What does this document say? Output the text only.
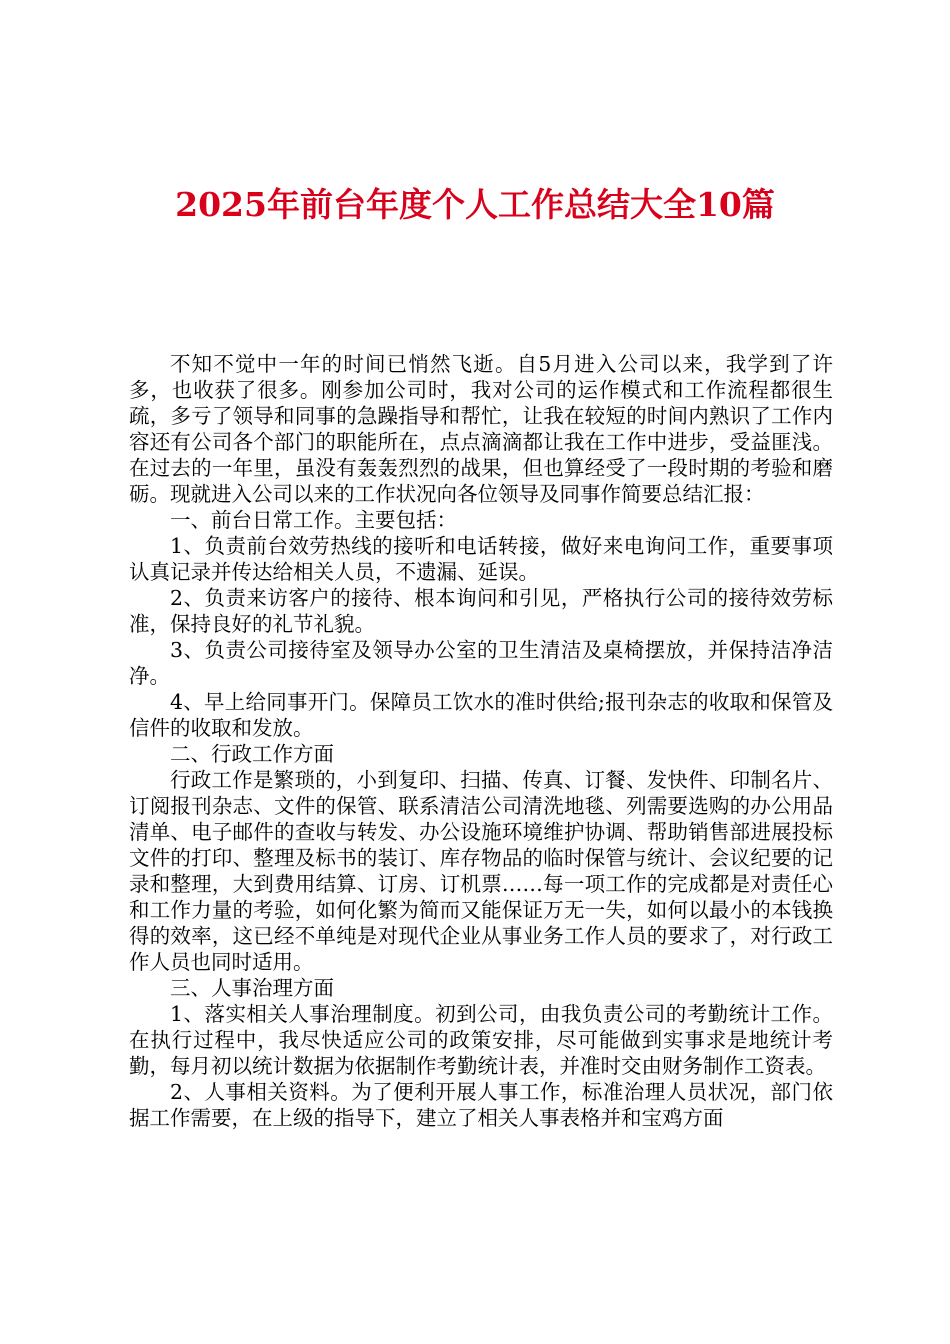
2025年前台年度个人工作总结大全10篇

不知不觉中一年的时间已悄然飞逝。自5月进入公司以来，我学到了许多，也收获了很多。刚参加公司时，我对公司的运作模式和工作流程都很生疏，多亏了领导和同事的急躁指导和帮忙，让我在较短的时间内熟识了工作内容还有公司各个部门的职能所在，点点滴滴都让我在工作中进步，受益匪浅。在过去的一年里，虽没有轰轰烈烈的战果，但也算经受了一段时期的考验和磨砺。现就进入公司以来的工作状况向各位领导及同事作简要总结汇报：

一、前台日常工作。主要包括：

1、负责前台效劳热线的接听和电话转接，做好来电询问工作，重要事项认真记录并传达给相关人员，不遗漏、延误。

2、负责来访客户的接待、根本询问和引见，严格执行公司的接待效劳标准，保持良好的礼节礼貌。

3、负责公司接待室及领导办公室的卫生清洁及桌椅摆放，并保持洁净洁净。

4、早上给同事开门。保障员工饮水的准时供给;报刊杂志的收取和保管及信件的收取和发放。

二、行政工作方面

行政工作是繁琐的，小到复印、扫描、传真、订餐、发快件、印制名片、订阅报刊杂志、文件的保管、联系清洁公司清洗地毯、列需要选购的办公用品清单、电子邮件的查收与转发、办公设施环境维护协调、帮助销售部进展投标文件的打印、整理及标书的装订、库存物品的临时保管与统计、会议纪要的记录和整理，大到费用结算、订房、订机票……每一项工作的完成都是对责任心和工作力量的考验，如何化繁为简而又能保证万无一失，如何以最小的本钱换得的效率，这已经不单纯是对现代企业从事业务工作人员的要求了，对行政工作人员也同时适用。

三、人事治理方面

1、落实相关人事治理制度。初到公司，由我负责公司的考勤统计工作。在执行过程中，我尽快适应公司的政策安排，尽可能做到实事求是地统计考勤，每月初以统计数据为依据制作考勤统计表，并准时交由财务制作工资表。

2、人事相关资料。为了便利开展人事工作，标准治理人员状况，部门依据工作需要，在上级的指导下，建立了相关人事表格并和宝鸡方面
